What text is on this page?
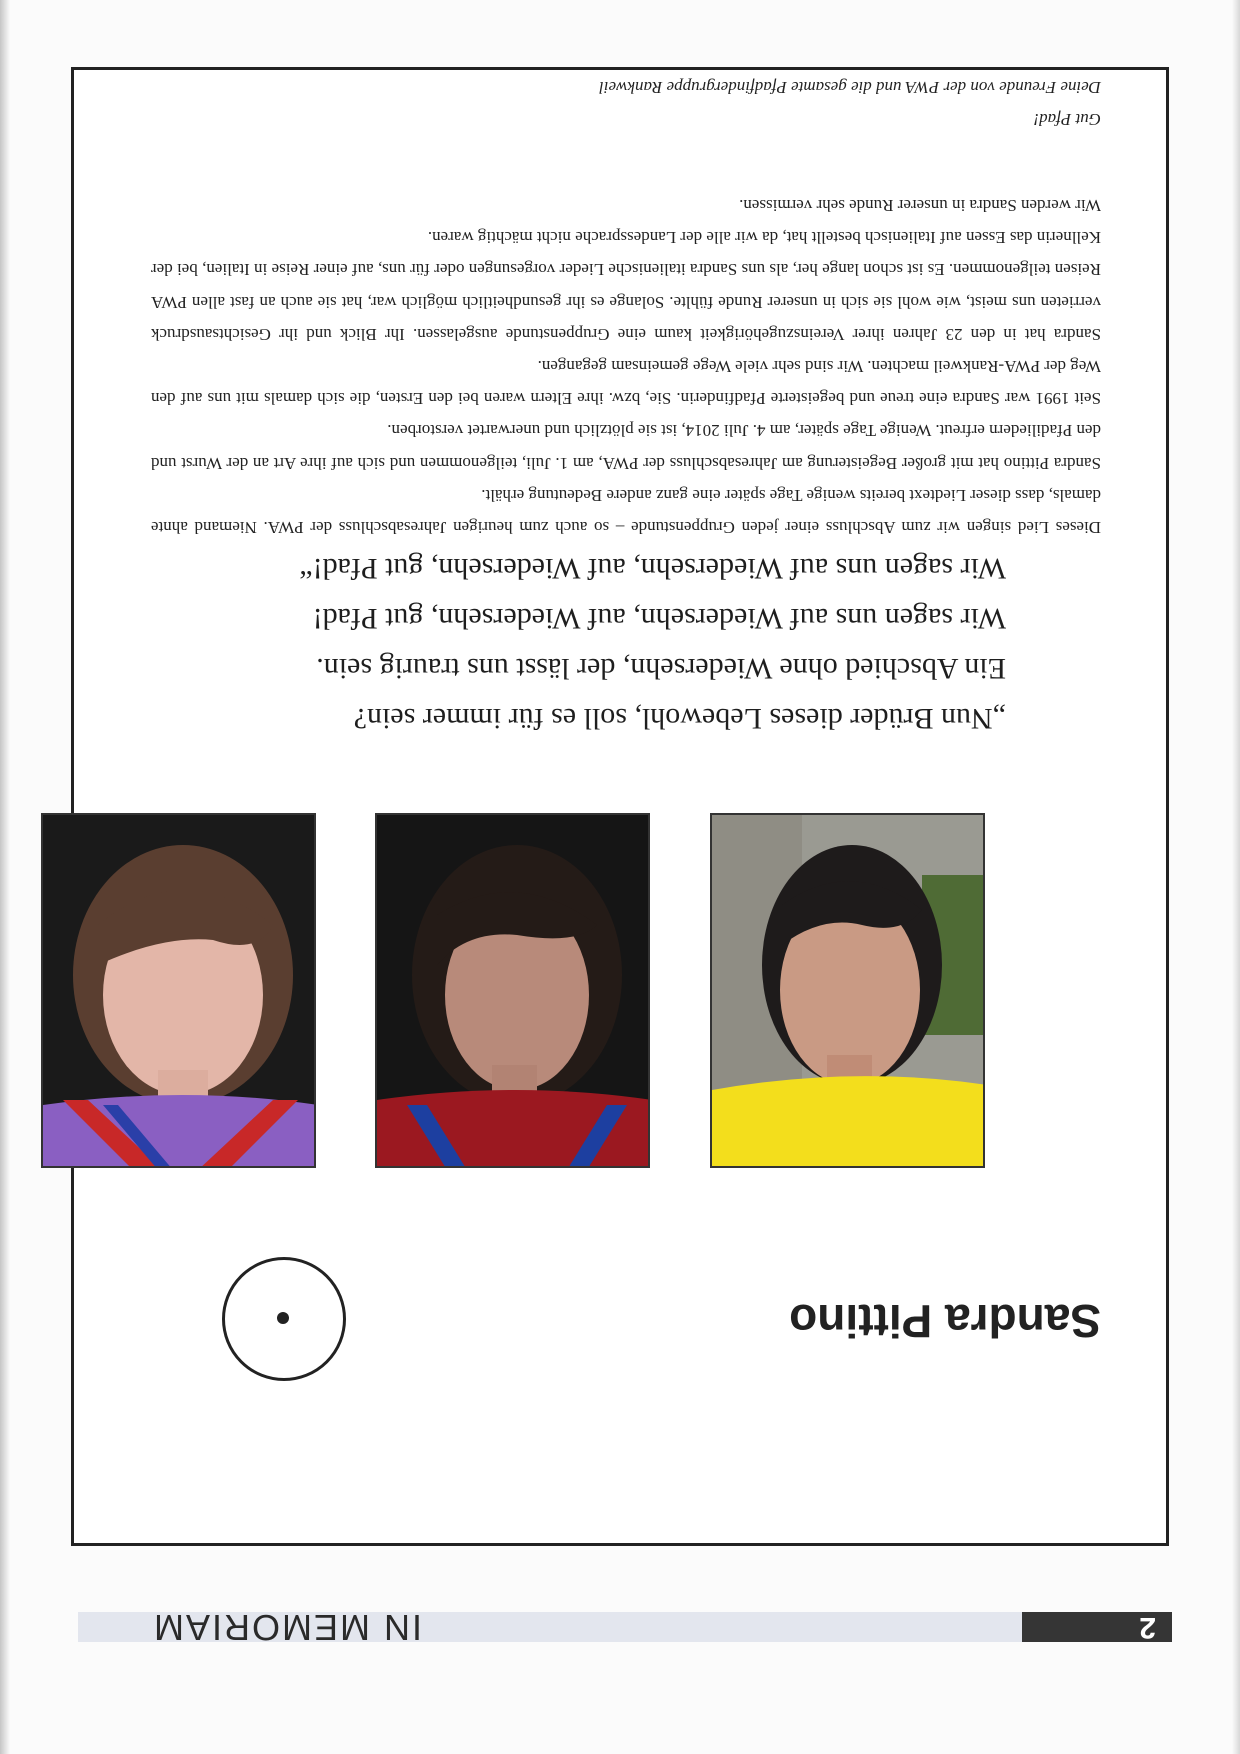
2
IN MEMORIAM
Sandra Pittino
„Nun Brüder dieses Lebewohl, soll es für immer sein?
Ein Abschied ohne Wiedersehn, der lässt uns traurig sein.
Wir sagen uns auf Wiedersehn, auf Wiedersehn, gut Pfad!
Wir sagen uns auf Wiedersehn, auf Wiedersehn, gut Pfad!“

Dieses Lied singen wir zum Abschluss einer jeden Gruppenstunde – so auch zum heurigen Jahresabschluss der PWA. Niemand ahnte damals, dass dieser Liedtext bereits wenige Tage später eine ganz andere Bedeutung erhält.

Sandra Pittino hat mit großer Begeisterung am Jahresabschluss der PWA, am 1. Juli, teilgenommen und sich auf ihre Art an der Wurst und den Pfadiliedern erfreut. Wenige Tage später, am 4. Juli 2014, ist sie plötzlich und unerwartet verstorben.

Seit 1991 war Sandra eine treue und begeisterte Pfadfinderin. Sie, bzw. ihre Eltern waren bei den Ersten, die sich damals mit uns auf den Weg der PWA-Rankweil machten. Wir sind sehr viele Wege gemeinsam gegangen.

Sandra hat in den 23 Jahren ihrer Vereinszugehörigkeit kaum eine Gruppenstunde ausgelassen. Ihr Blick und ihr Gesichtsausdruck verrieten uns meist, wie wohl sie sich in unserer Runde fühlte. Solange es ihr gesundheitlich möglich war, hat sie auch an fast allen PWA Reisen teilgenommen. Es ist schon lange her, als uns Sandra italienische Lieder vorgesungen oder für uns, auf einer Reise in Italien, bei der Kellnerin das Essen auf Italienisch bestellt hat, da wir alle der Landessprache nicht mächtig waren.

Wir werden Sandra in unserer Runde sehr vermissen.

Gut Pfad!
Deine Freunde von der PWA und die gesamte Pfadfindergruppe Rankweil
